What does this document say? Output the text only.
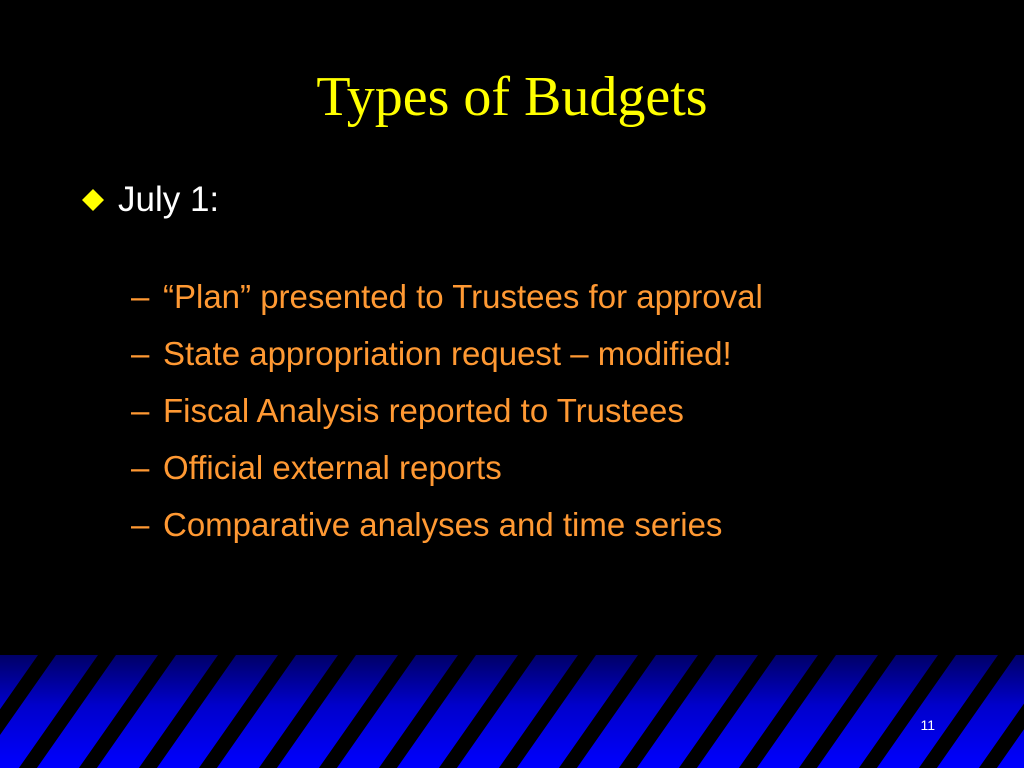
Types of Budgets
July 1:
– “Plan” presented to Trustees for approval
– State appropriation request – modified!
– Fiscal Analysis reported to Trustees
– Official external reports
– Comparative analyses and time series
11
